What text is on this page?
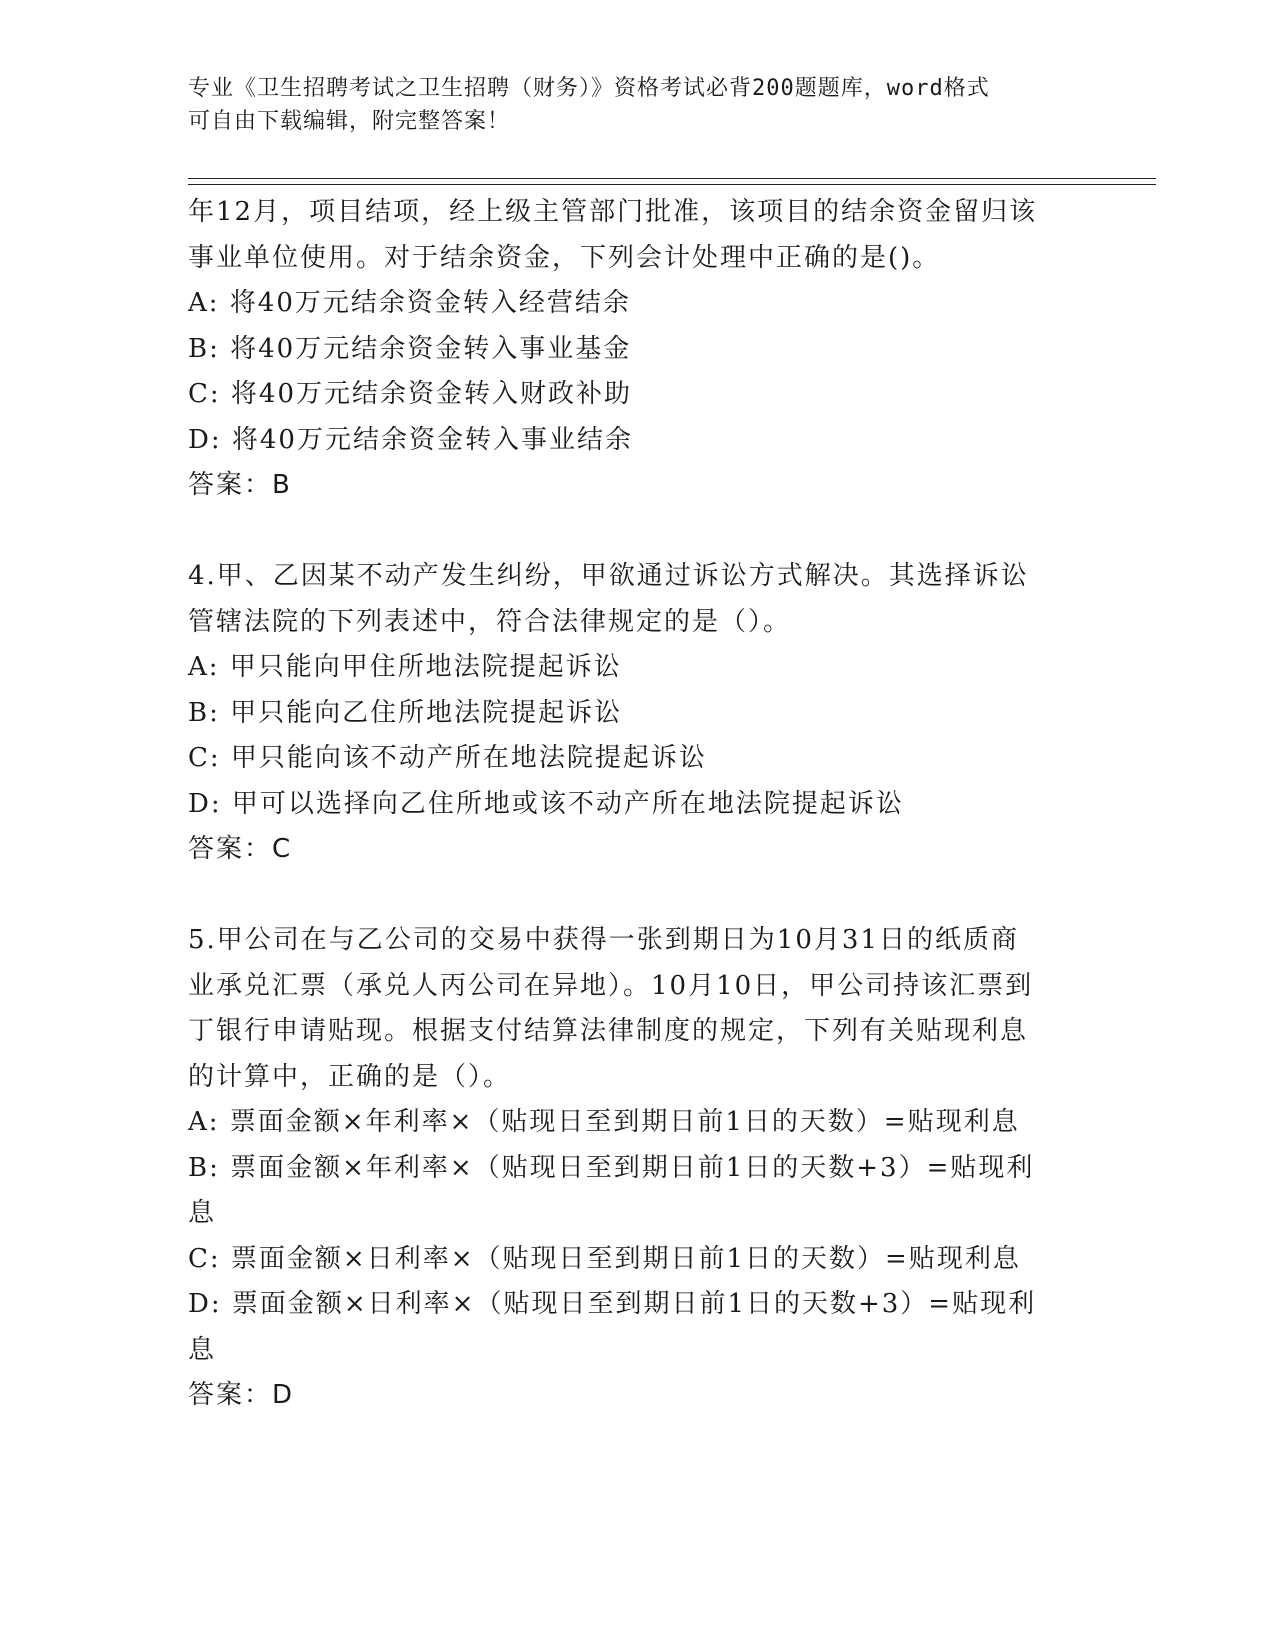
专业《卫生招聘考试之卫生招聘（财务）》资格考试必背200题题库，word格式
可自由下载编辑，附完整答案！
年12月，项目结项，经上级主管部门批准，该项目的结余资金留归该
事业单位使用。对于结余资金，下列会计处理中正确的是()。
A: 将40万元结余资金转入经营结余
B: 将40万元结余资金转入事业基金
C: 将40万元结余资金转入财政补助
D: 将40万元结余资金转入事业结余
答案：B
4.甲、乙因某不动产发生纠纷，甲欲通过诉讼方式解决。其选择诉讼
管辖法院的下列表述中，符合法律规定的是（）。
A: 甲只能向甲住所地法院提起诉讼
B: 甲只能向乙住所地法院提起诉讼
C: 甲只能向该不动产所在地法院提起诉讼
D: 甲可以选择向乙住所地或该不动产所在地法院提起诉讼
答案：C
5.甲公司在与乙公司的交易中获得一张到期日为10月31日的纸质商
业承兑汇票（承兑人丙公司在异地）。10月10日，甲公司持该汇票到
丁银行申请贴现。根据支付结算法律制度的规定，下列有关贴现利息
的计算中，正确的是（）。
A: 票面金额×年利率×（贴现日至到期日前1日的天数）=贴现利息
B: 票面金额×年利率×（贴现日至到期日前1日的天数+3）=贴现利
息
C: 票面金额×日利率×（贴现日至到期日前1日的天数）=贴现利息
D: 票面金额×日利率×（贴现日至到期日前1日的天数+3）=贴现利
息
答案：D
